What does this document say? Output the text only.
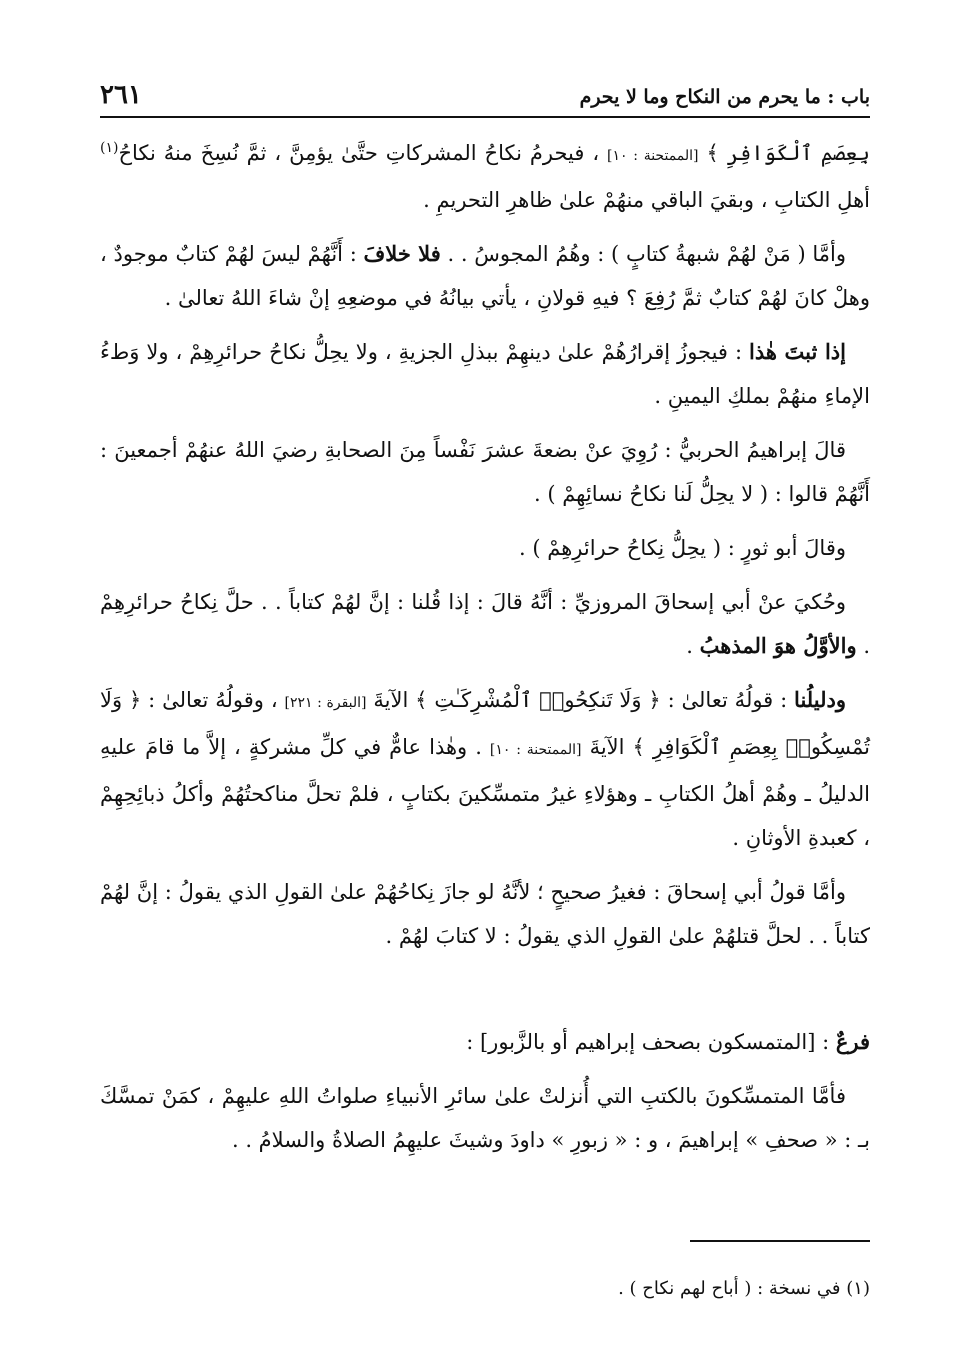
باب : ما يحرم من النكاح وما لا يحرم
٢٦١

بِعِصَمِ ٱلْكَوَافِرِ ﴾ [الممتحنة : ١٠] ، فيحرمُ نكاحُ المشركاتِ حتَّىٰ يؤمِنَّ ، ثمَّ نُسِخَ منهُ نكاحُ$^{(١)}$ أهلِ الكتابِ ، وبقيَ الباقي منهُمْ علىٰ ظاهرِ التحريمِ .

وأمَّا ( مَنْ لهُمْ شبهةُ كتابٍ ) : وهُمُ المجوسُ . . فلا خلافَ : أَنَّهُمْ ليسَ لهُمْ كتابٌ موجودٌ ، وهلْ كانَ لهُمْ كتابٌ ثمَّ رُفِعَ ؟ فيهِ قولانِ ، يأتي بيانُهُ في موضعِهِ إنْ شاءَ اللهُ تعالىٰ .

إذا ثبتَ هٰذا : فيجوزُ إقرارُهُمْ علىٰ دينهِمْ ببذلِ الجزيةِ ، ولا يحِلُّ نكاحُ حرائرِهِمْ ، ولا وَطءُ الإماءِ منهُمْ بملكِ اليمينِ .

قالَ إبراهيمُ الحربيُّ : رُوِيَ عنْ بضعةَ عشرَ نَفْساً مِنَ الصحابةِ رضيَ اللهُ عنهُمْ أجمعينَ : أَنَّهُمْ قالوا : ( لا يحِلُّ لَنا نكاحُ نسائِهِمْ ) .

وقالَ أبو ثورٍ : ( يحِلُّ نِكاحُ حرائرِهِمْ ) .

وحُكيَ عنْ أبي إسحاقَ المروزيِّ : أنَّهُ قالَ : إذا قُلنا : إنَّ لهُمْ كتاباً . . حلَّ نِكاحُ حرائرِهِمْ . والأوَّلُ هوَ المذهبُ .

ودليلُنا : قولُهُ تعالىٰ : ﴿ وَلَا تَنكِحُوا۟ ٱلْمُشْرِكَـٰتِ ﴾ الآيةَ [البقرة : ٢٢١] ، وقولُهُ تعالىٰ : ﴿ وَلَا تُمْسِكُوا۟ بِعِصَمِ ٱلْكَوَافِرِ ﴾ الآيةَ [الممتحنة : ١٠] . وهٰذا عامٌّ في كلِّ مشركةٍ ، إلاَّ ما قامَ عليهِ الدليلُ ـ وهُمْ أهلُ الكتابِ ـ وهؤلاءِ غيرُ متمسِّكينَ بكتابٍ ، فلمْ تحلَّ مناكحتُهُمْ وأكلُ ذبائِحِهِمْ ، كعبدةِ الأوثانِ .

وأمَّا قولُ أبي إسحاقَ : فغيرُ صحيحٍ ؛ لأنَّهُ لو جازَ نِكاحُهُمْ علىٰ القولِ الذي يقولُ : إنَّ لهُمْ كتاباً . . لحلَّ قتلهُمْ علىٰ القولِ الذي يقولُ : لا كتابَ لهُمْ .

فرعٌ : [المتمسكون بصحف إبراهيم أو بالزَّبور] :

فأمَّا المتمسِّكونَ بالكتبِ التي أُنزلتْ علىٰ سائرِ الأنبياءِ صلواتُ اللهِ عليهِمْ ، كمَنْ تمسَّكَ بـ : « صحفِ » إبراهيمَ ، و : « زبورِ » داودَ وشيثَ عليهِمُ الصلاةُ والسلامُ . .

(١) في نسخة : ( أباح لهم نكاح ) .
